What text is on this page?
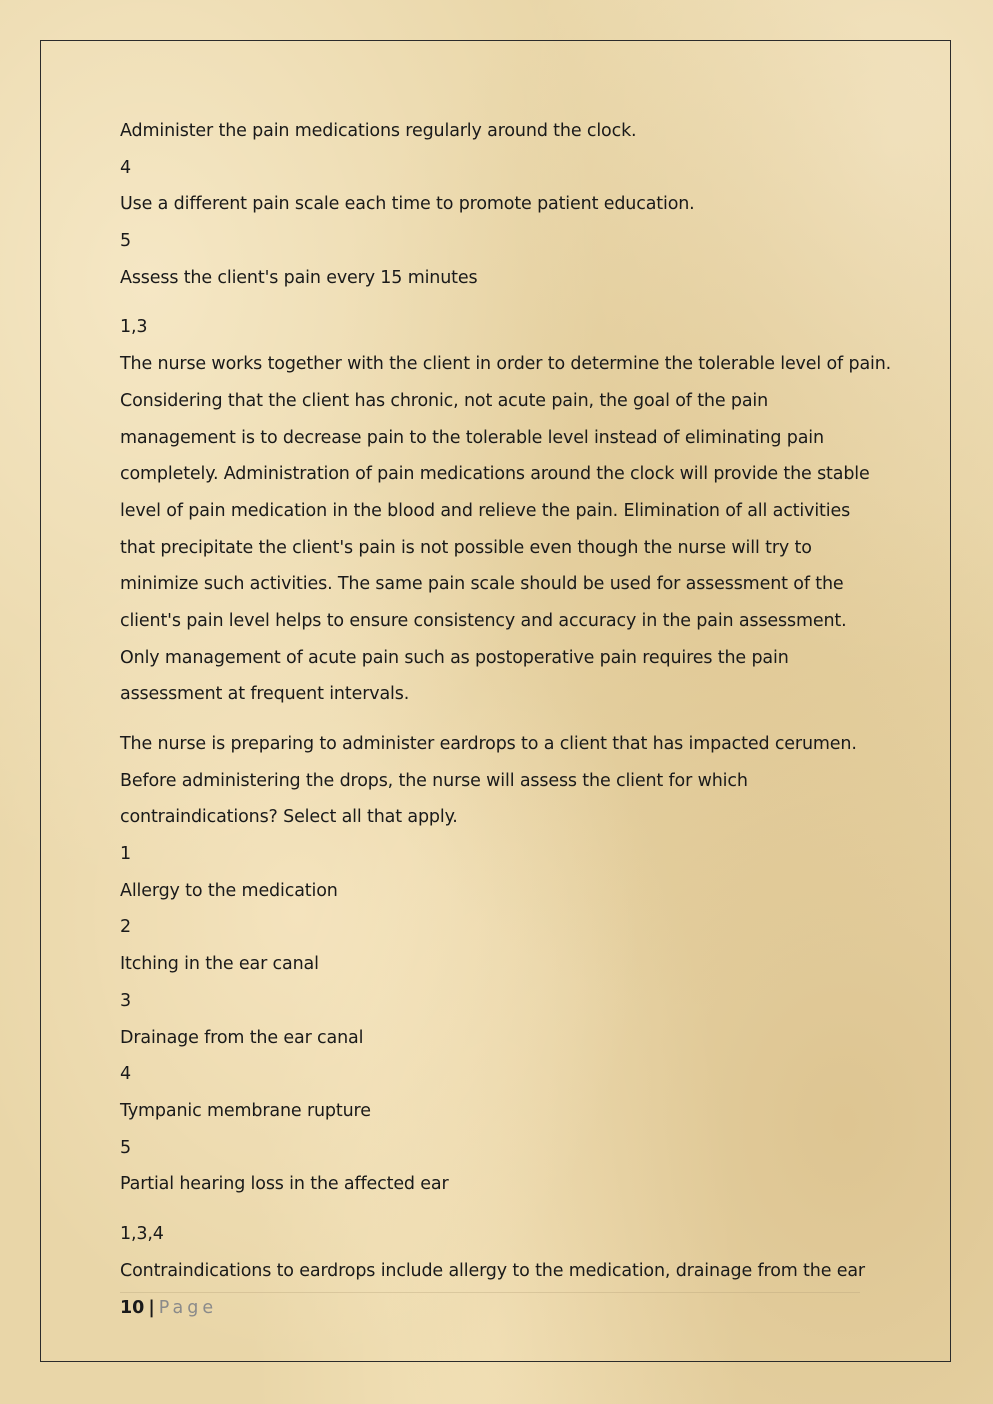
Administer the pain medications regularly around the clock.
4
Use a different pain scale each time to promote patient education.
5
Assess the client's pain every 15 minutes
1,3
The nurse works together with the client in order to determine the tolerable level of pain.
Considering that the client has chronic, not acute pain, the goal of the pain
management is to decrease pain to the tolerable level instead of eliminating pain
completely. Administration of pain medications around the clock will provide the stable
level of pain medication in the blood and relieve the pain. Elimination of all activities
that precipitate the client's pain is not possible even though the nurse will try to
minimize such activities. The same pain scale should be used for assessment of the
client's pain level helps to ensure consistency and accuracy in the pain assessment.
Only management of acute pain such as postoperative pain requires the pain
assessment at frequent intervals.
The nurse is preparing to administer eardrops to a client that has impacted cerumen.
Before administering the drops, the nurse will assess the client for which
contraindications? Select all that apply.
1
Allergy to the medication
2
Itching in the ear canal
3
Drainage from the ear canal
4
Tympanic membrane rupture
5
Partial hearing loss in the affected ear
1,3,4
Contraindications to eardrops include allergy to the medication, drainage from the ear
10 | Page
